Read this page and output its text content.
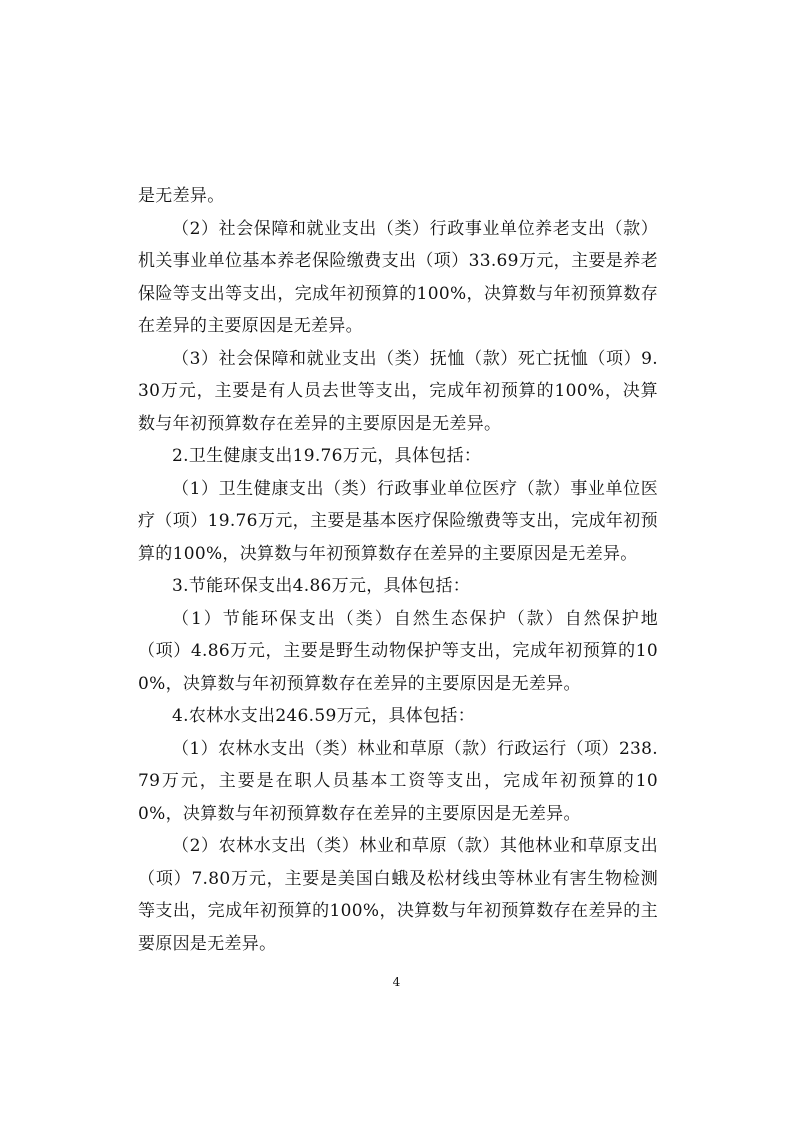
是无差异。

（2）社会保障和就业支出（类）行政事业单位养老支出（款）机关事业单位基本养老保险缴费支出（项）33.69万元，主要是养老保险等支出等支出，完成年初预算的100%，决算数与年初预算数存在差异的主要原因是无差异。

（3）社会保障和就业支出（类）抚恤（款）死亡抚恤（项）9.30万元，主要是有人员去世等支出，完成年初预算的100%，决算数与年初预算数存在差异的主要原因是无差异。

2.卫生健康支出19.76万元，具体包括：

（1）卫生健康支出（类）行政事业单位医疗（款）事业单位医疗（项）19.76万元，主要是基本医疗保险缴费等支出，完成年初预算的100%，决算数与年初预算数存在差异的主要原因是无差异。

3.节能环保支出4.86万元，具体包括：

（1）节能环保支出（类）自然生态保护（款）自然保护地（项）4.86万元，主要是野生动物保护等支出，完成年初预算的100%，决算数与年初预算数存在差异的主要原因是无差异。

4.农林水支出246.59万元，具体包括：

（1）农林水支出（类）林业和草原（款）行政运行（项）238.79万元，主要是在职人员基本工资等支出，完成年初预算的100%，决算数与年初预算数存在差异的主要原因是无差异。

（2）农林水支出（类）林业和草原（款）其他林业和草原支出（项）7.80万元，主要是美国白蛾及松材线虫等林业有害生物检测等支出，完成年初预算的100%，决算数与年初预算数存在差异的主要原因是无差异。

4
